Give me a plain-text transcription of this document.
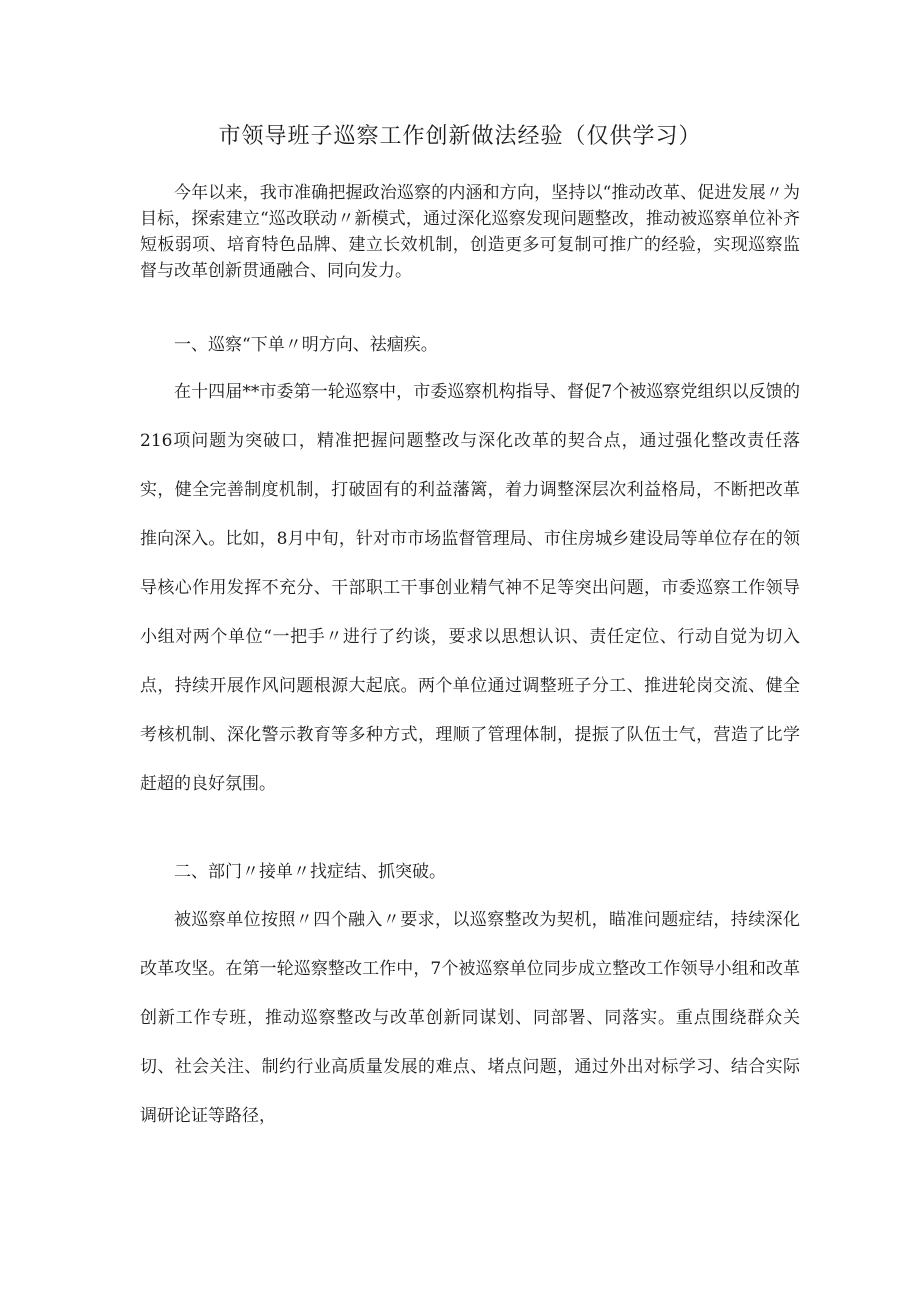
市领导班子巡察工作创新做法经验（仅供学习）

今年以来，我市准确把握政治巡察的内涵和方向，坚持以“推动改革、促进发展〃为目标，探索建立“巡改联动〃新模式，通过深化巡察发现问题整改，推动被巡察单位补齐短板弱项、培育特色品牌、建立长效机制，创造更多可复制可推广的经验，实现巡察监督与改革创新贯通融合、同向发力。

一、巡察“下单〃明方向、祛痼疾。

在十四届**市委第一轮巡察中，市委巡察机构指导、督促7个被巡察党组织以反馈的216项问题为突破口，精准把握问题整改与深化改革的契合点，通过强化整改责任落实，健全完善制度机制，打破固有的利益藩篱，着力调整深层次利益格局，不断把改革推向深入。比如，8月中旬，针对市市场监督管理局、市住房城乡建设局等单位存在的领导核心作用发挥不充分、干部职工干事创业精气神不足等突出问题，市委巡察工作领导小组对两个单位“一把手〃进行了约谈，要求以思想认识、责任定位、行动自觉为切入点，持续开展作风问题根源大起底。两个单位通过调整班子分工、推进轮岗交流、健全考核机制、深化警示教育等多种方式，理顺了管理体制，提振了队伍士气，营造了比学赶超的良好氛围。

二、部门〃接单〃找症结、抓突破。

被巡察单位按照〃四个融入〃要求，以巡察整改为契机，瞄准问题症结，持续深化改革攻坚。在第一轮巡察整改工作中，7个被巡察单位同步成立整改工作领导小组和改革创新工作专班，推动巡察整改与改革创新同谋划、同部署、同落实。重点围绕群众关切、社会关注、制约行业高质量发展的难点、堵点问题，通过外出对标学习、结合实际调研论证等路径，
